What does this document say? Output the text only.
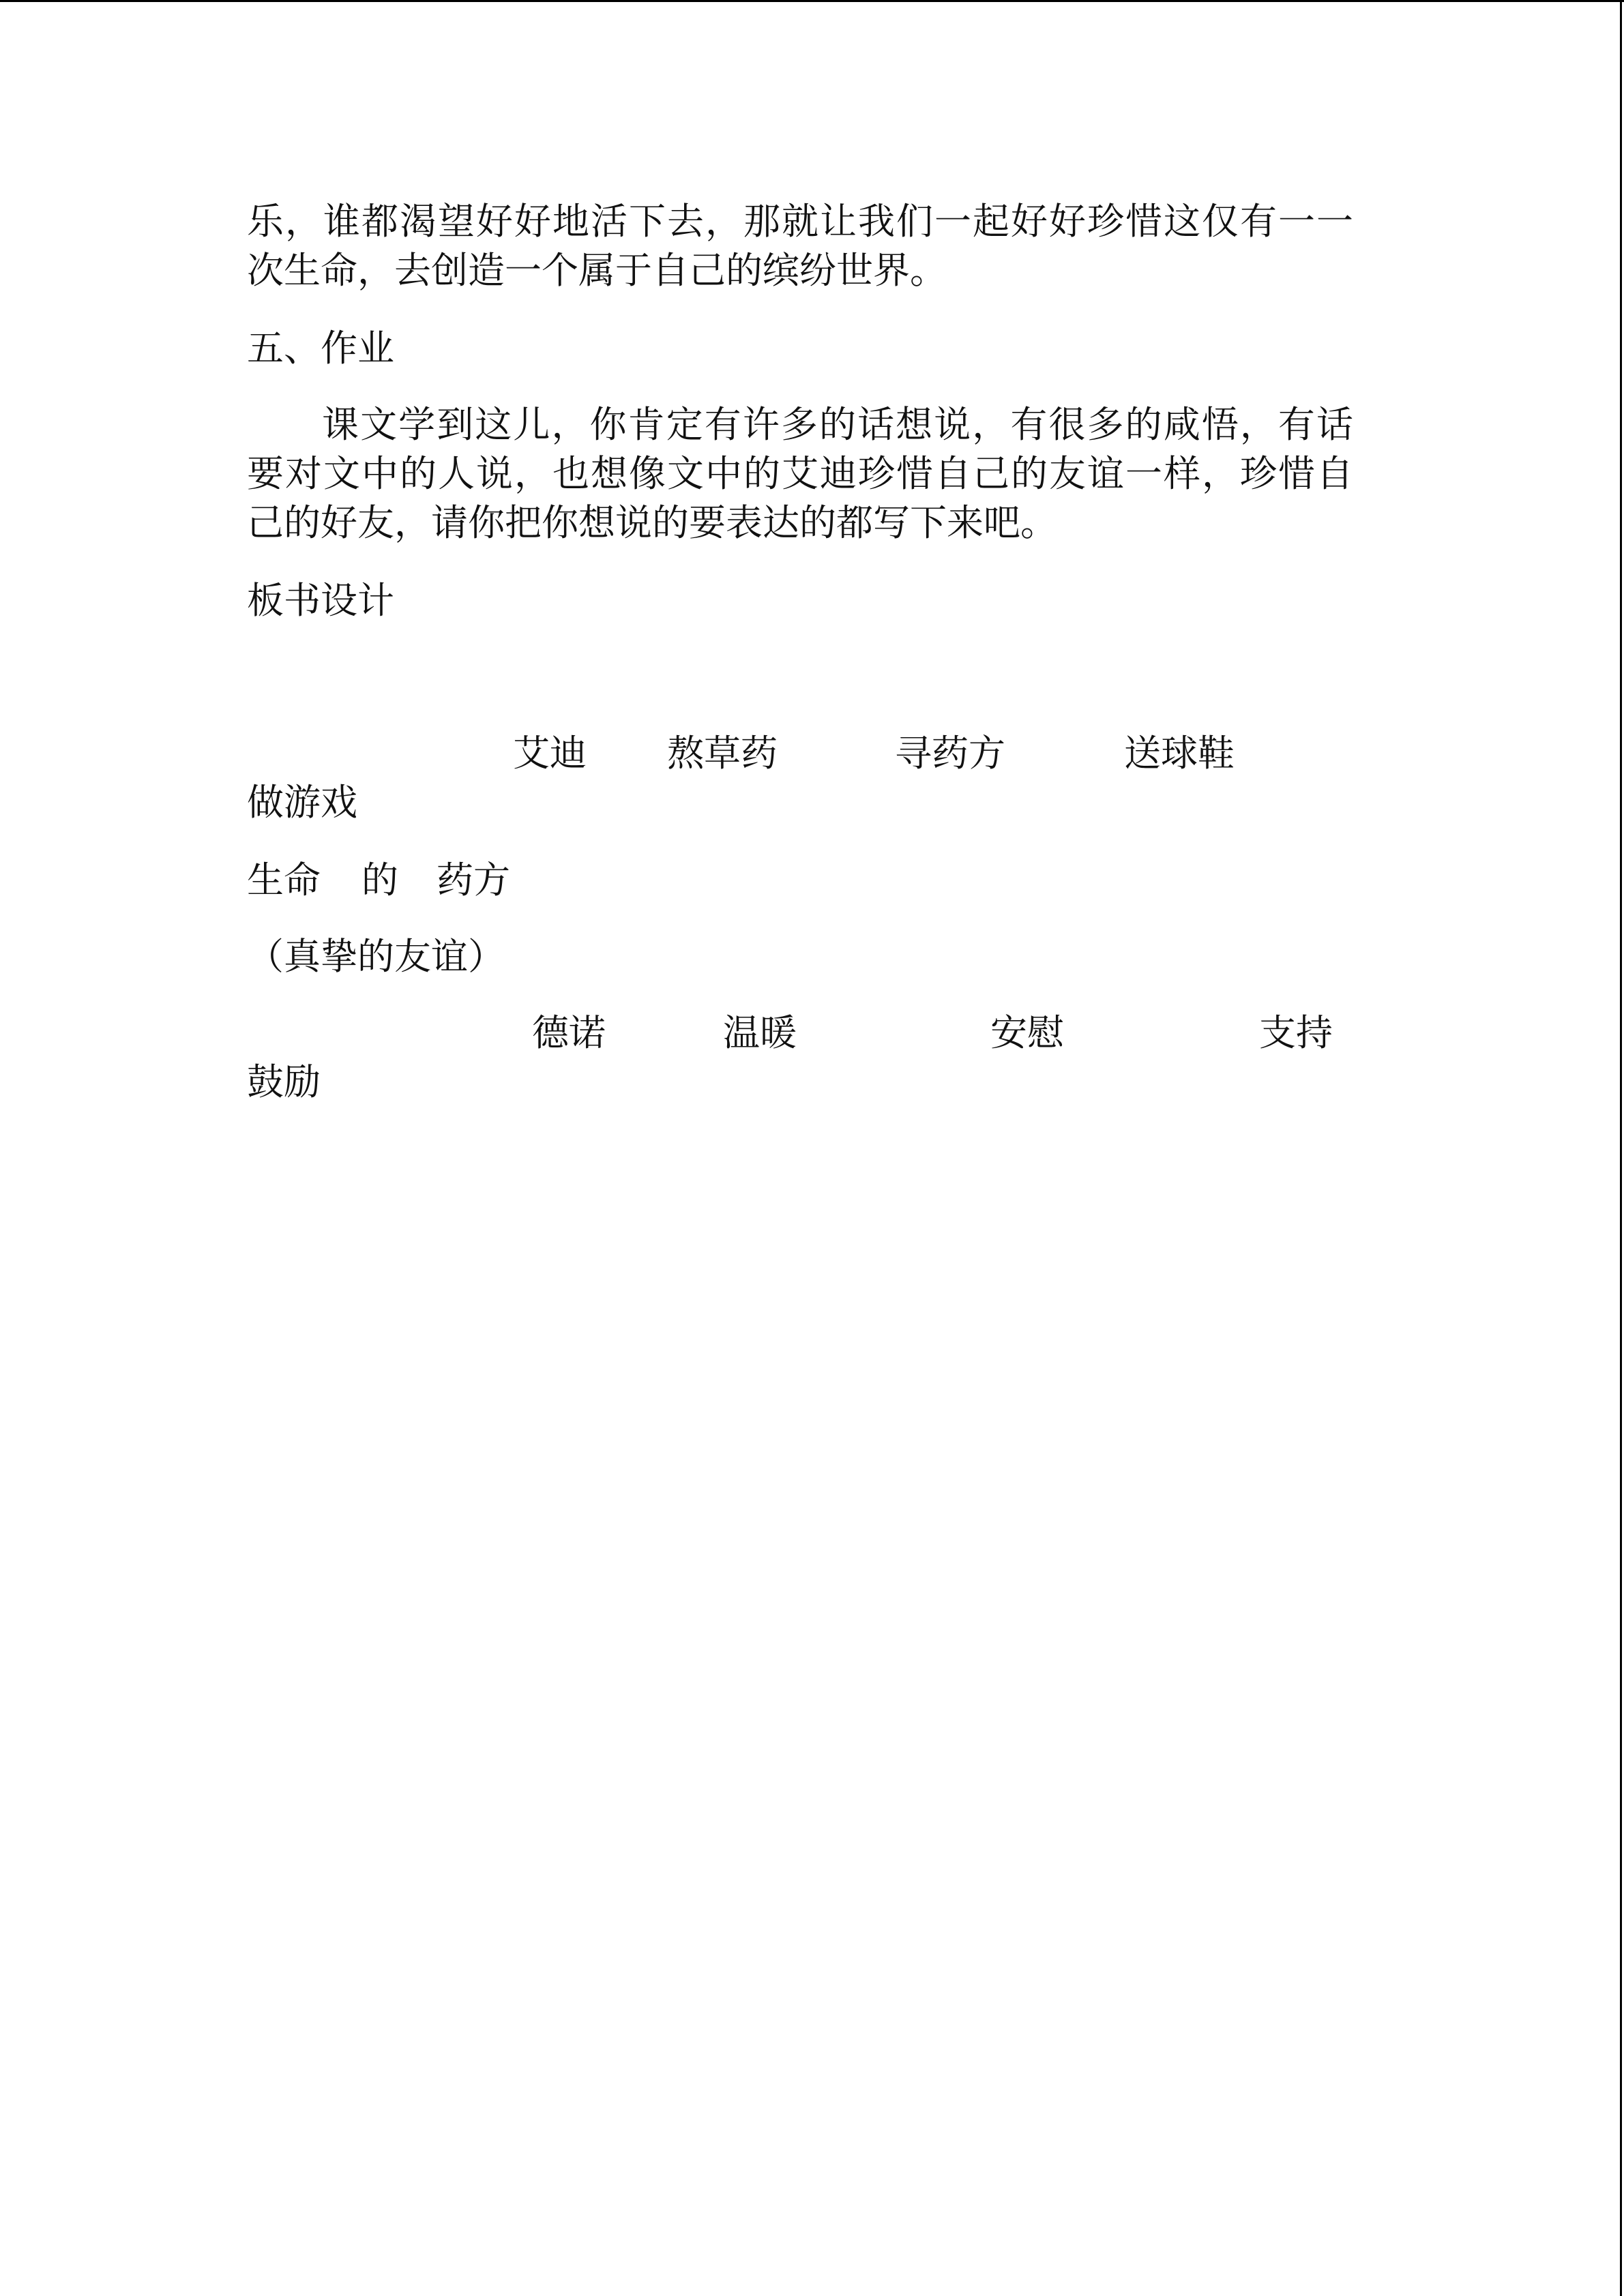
乐，谁都渴望好好地活下去，那就让我们一起好好珍惜这仅有一一
次生命，去创造一个属于自己的缤纷世界。
五、作业
课文学到这儿，你肯定有许多的话想说，有很多的咸悟，有话
要对文中的人说，也想像文中的艾迪珍惜自己的友谊一样，珍惜自
己的好友，请你把你想说的要表达的都写下来吧。
板书设计
艾迪 熬草药	寻药方	送球鞋
做游戏
生命 的 药方
（真挚的友谊）
德诺	温暖	安慰	支持
鼓励
